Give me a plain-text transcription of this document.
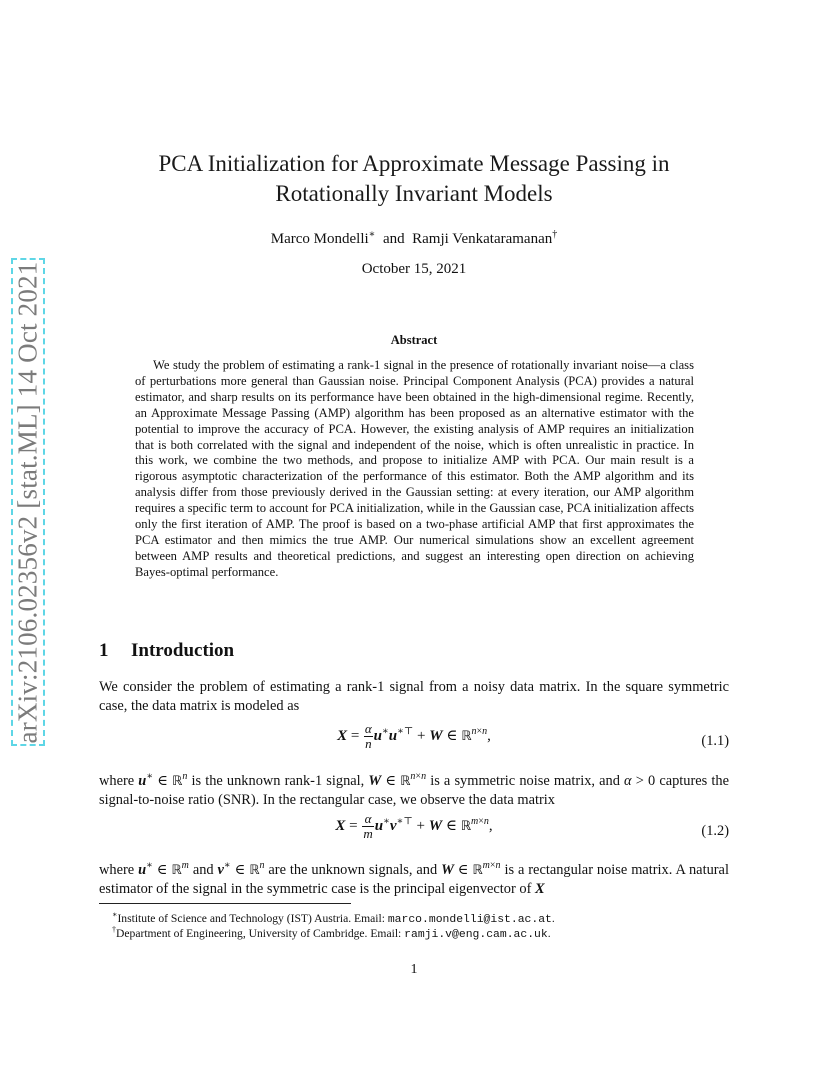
arXiv:2106.02356v2 [stat.ML] 14 Oct 2021
PCA Initialization for Approximate Message Passing in
Rotationally Invariant Models
Marco Mondelli∗ and Ramji Venkataramanan†
October 15, 2021
Abstract

We study the problem of estimating a rank-1 signal in the presence of rotationally invariant noise—a class of perturbations more general than Gaussian noise. Principal Component Analysis (PCA) provides a natural estimator, and sharp results on its performance have been obtained in the high-dimensional regime. Recently, an Approximate Message Passing (AMP) algorithm has been proposed as an alternative estimator with the potential to improve the accuracy of PCA. However, the existing analysis of AMP requires an initialization that is both correlated with the signal and independent of the noise, which is often unrealistic in practice. In this work, we combine the two methods, and propose to initialize AMP with PCA. Our main result is a rigorous asymptotic characterization of the performance of this estimator. Both the AMP algorithm and its analysis differ from those previously derived in the Gaussian setting: at every iteration, our AMP algorithm requires a specific term to account for PCA initialization, while in the Gaussian case, PCA initialization affects only the first iteration of AMP. The proof is based on a two-phase artificial AMP that first approximates the PCA estimator and then mimics the true AMP. Our numerical simulations show an excellent agreement between AMP results and theoretical predictions, and suggest an interesting open direction on achieving Bayes-optimal performance.

1 Introduction

We consider the problem of estimating a rank-1 signal from a noisy data matrix. In the square symmetric case, the data matrix is modeled as

$X = \frac{\alpha}{n} u^∗u^{∗⊤} + W$ ∈ ℝ$^{n\times n}$,	(1.1)

where u∗ ∈ ℝ$^n$ is the unknown rank-1 signal, W ∈ ℝ$^{n\times n}$ is a symmetric noise matrix, and α > 0 captures the signal-to-noise ratio (SNR). In the rectangular case, we observe the data matrix

$X = \frac{\alpha}{m} u^∗v^{∗⊤} + W$ ∈ ℝ$^{m\times n}$,	(1.2)

where u∗ ∈ ℝ$^m$ and v∗ ∈ ℝ$^n$ are the unknown signals, and W ∈ ℝ$^{m\times n}$ is a rectangular noise matrix. A natural estimator of the signal in the symmetric case is the principal eigenvector of X

∗Institute of Science and Technology (IST) Austria. Email: marco.mondelli@ist.ac.at.
†Department of Engineering, University of Cambridge. Email: ramji.v@eng.cam.ac.uk.
1
